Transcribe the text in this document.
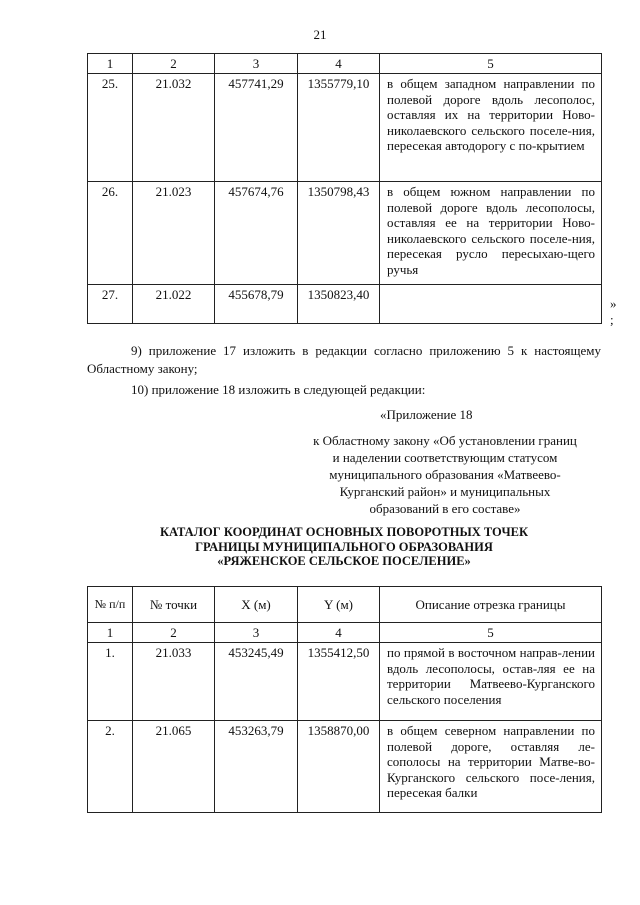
21
1	2	3	4	5
25.	21.032	457741,29	1355779,10	в общем западном направлении по полевой дороге вдоль лесополос, оставляя их на территории Ново-николаевского сельского поселе-ния, пересекая автодорогу с по-крытием
26.	21.023	457674,76	1350798,43	в общем южном направлении по полевой дороге вдоль лесополосы, оставляя ее на территории Ново-николаевского сельского поселе-ния, пересекая русло пересыхаю-щего ручья
27.	21.022	455678,79	1350823,40	
»
;
9) приложение 17 изложить в редакции согласно приложению 5 к настоящему Областному закону;
10) приложение 18 изложить в следующей редакции:
«Приложение 18
к Областному закону «Об установлении границ
и наделении соответствующим статусом
муниципального образования «Матвеево-
Курганский район» и муниципальных
образований в его составе»
КАТАЛОГ КООРДИНАТ ОСНОВНЫХ ПОВОРОТНЫХ ТОЧЕК
ГРАНИЦЫ МУНИЦИПАЛЬНОГО ОБРАЗОВАНИЯ
«РЯЖЕНСКОЕ СЕЛЬСКОЕ ПОСЕЛЕНИЕ»
№ п/п	№ точки	X (м)	Y (м)	Описание отрезка границы
1	2	3	4	5
1.	21.033	453245,49	1355412,50	по прямой в восточном направ-лении вдоль лесополосы, остав-ляя ее на территории Матвеево-Курганского сельского поселения
2.	21.065	453263,79	1358870,00	в общем северном направлении по полевой дороге, оставляя ле-сополосы на территории Матве-во-Курганского сельского посе-ления, пересекая балки
